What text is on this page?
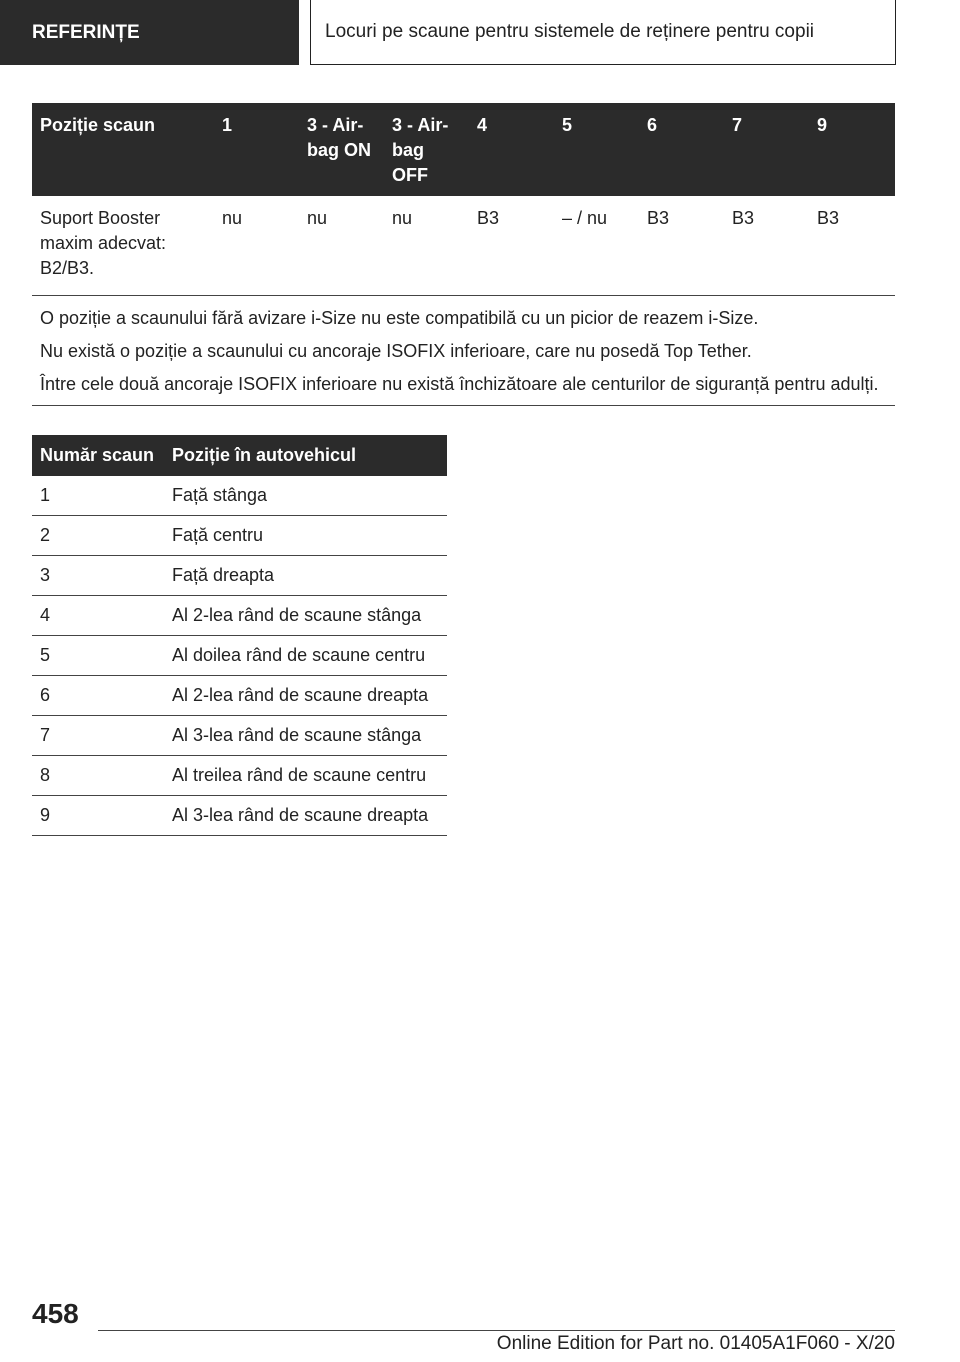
REFERINȚE	Locuri pe scaune pentru sistemele de reținere pentru copii
Poziție scaun	1	3 - Air-bag ON	3 - Air-bag OFF	4	5	6	7	9
Suport Booster maxim adecvat: B2/B3.	nu	nu	nu	B3	– / nu	B3	B3	B3

O poziție a scaunului fără avizare i-Size nu este compatibilă cu un picior de reazem i-Size.

Nu există o poziție a scaunului cu ancoraje ISOFIX inferioare, care nu posedă Top Tether.

Între cele două ancoraje ISOFIX inferioare nu există închizătoare ale centurilor de siguranță pentru adulți.								

Număr scaun	Poziție în autovehicul
1	Față stânga
2	Față centru
3	Față dreapta
4	Al 2-lea rând de scaune stânga
5	Al doilea rând de scaune centru
6	Al 2-lea rând de scaune dreapta
7	Al 3-lea rând de scaune stânga
8	Al treilea rând de scaune centru
9	Al 3-lea rând de scaune dreapta
458
Online Edition for Part no. 01405A1F060 - X/20
